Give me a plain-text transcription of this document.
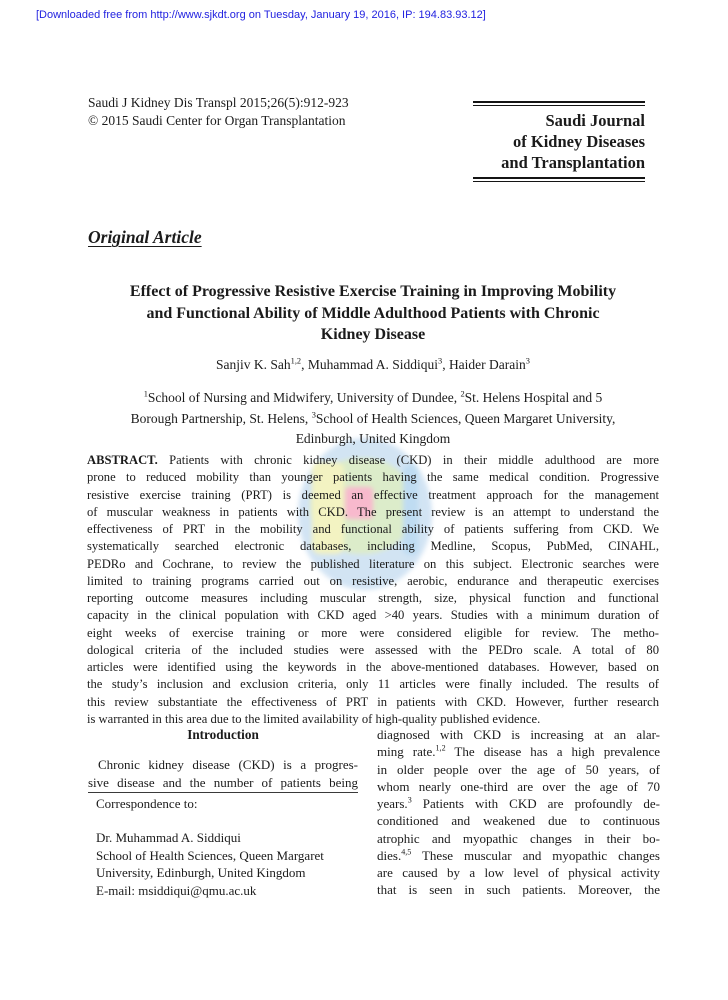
[Downloaded free from http://www.sjkdt.org on Tuesday, January 19, 2016, IP: 194.83.93.12]
Saudi J Kidney Dis Transpl 2015;26(5):912-923
© 2015 Saudi Center for Organ Transplantation	Saudi Journal
of Kidney Diseases
and Transplantation
Original Article
Effect of Progressive Resistive Exercise Training in Improving Mobility
and Functional Ability of Middle Adulthood Patients with Chronic
Kidney Disease
Sanjiv K. Sah$^{1,2}$, Muhammad A. Siddiqui$^3$, Haider Darain$^3$
$^1$School of Nursing and Midwifery, University of Dundee, $^2$St. Helens Hospital and 5
Borough Partnership, St. Helens, $^3$School of Health Sciences, Queen Margaret University,
Edinburgh, United Kingdom
ABSTRACT. Patients with chronic kidney disease (CKD) in their middle adulthood are more
prone to reduced mobility than younger patients having the same medical condition. Progressive
resistive exercise training (PRT) is deemed an effective treatment approach for the management
of muscular weakness in patients with CKD. The present review is an attempt to understand the
effectiveness of PRT in the mobility and functional ability of patients suffering from CKD. We
systematically searched electronic databases, including Medline, Scopus, PubMed, CINAHL,
PEDRo and Cochrane, to review the published literature on this subject. Electronic searches were
limited to training programs carried out on resistive, aerobic, endurance and therapeutic exercises
reporting outcome measures including muscular strength, size, physical function and functional
capacity in the clinical population with CKD aged >40 years. Studies with a minimum duration of
eight weeks of exercise training or more were considered eligible for review. The metho-
dological criteria of the included studies were assessed with the PEDro scale. A total of 80
articles were identified using the keywords in the above-mentioned databases. However, based on
the study’s inclusion and exclusion criteria, only 11 articles were finally included. The results of
this review substantiate the effectiveness of PRT in patients with CKD. However, further research
is warranted in this area due to the limited availability of high-quality published evidence.
Introduction
Chronic kidney disease (CKD) is a progres-
sive disease and the number of patients being
Correspondence to:
Dr. Muhammad A. Siddiqui
School of Health Sciences, Queen Margaret
University, Edinburgh, United Kingdom
E-mail: msiddiqui@qmu.ac.uk
diagnosed with CKD is increasing at an alar-
ming rate.$^{1,2}$ The disease has a high prevalence
in older people over the age of 50 years, of
whom nearly one-third are over the age of 70
years.$^3$ Patients with CKD are profoundly de-
conditioned and weakened due to continuous
atrophic and myopathic changes in their bo-
dies.$^{4,5}$ These muscular and myopathic changes
are caused by a low level of physical activity
that is seen in such patients. Moreover, the
